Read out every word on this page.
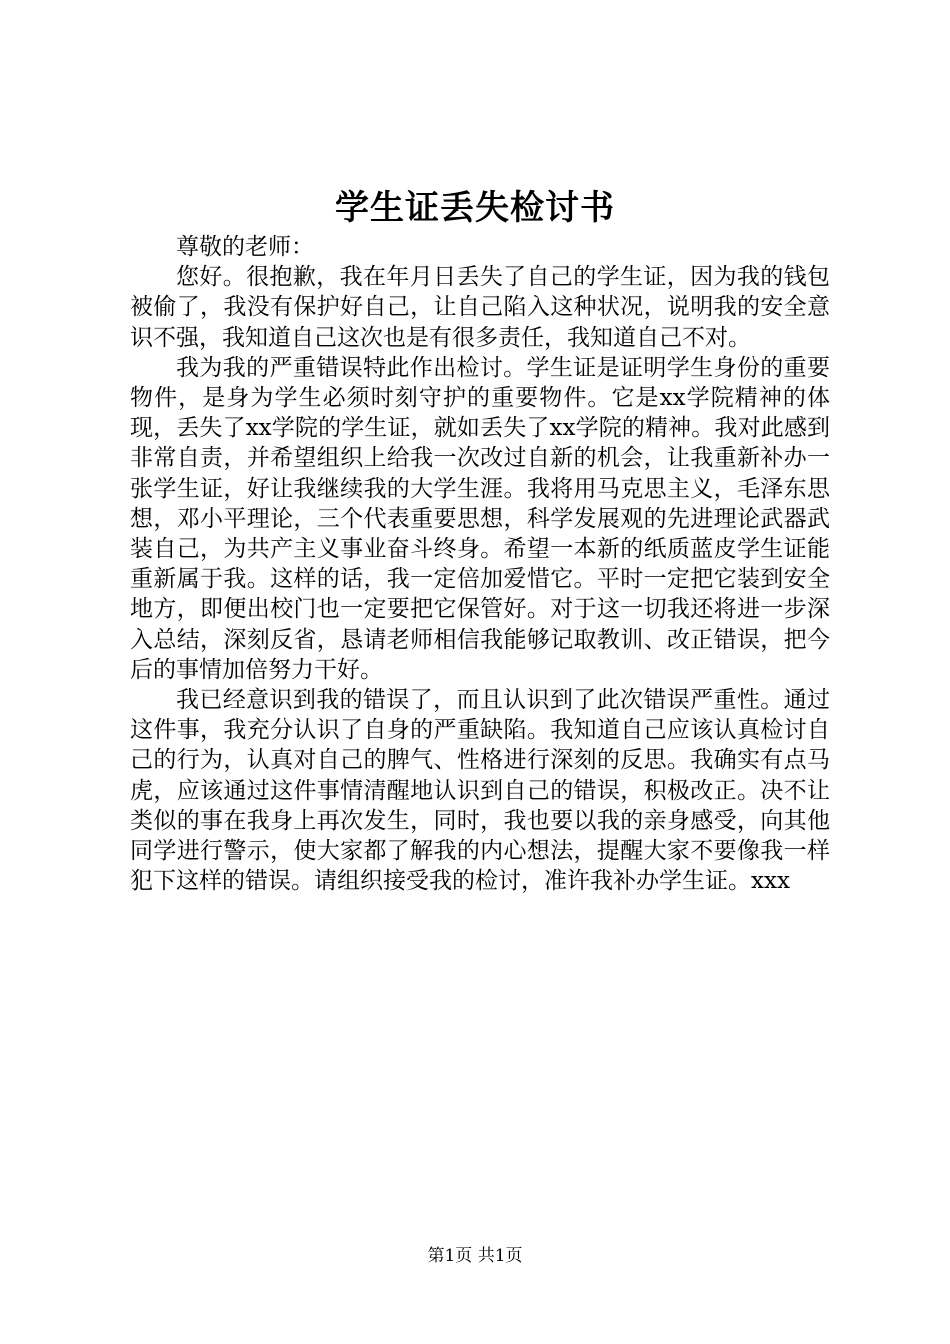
学生证丢失检讨书

尊敬的老师：

您好。很抱歉，我在年月日丢失了自己的学生证，因为我的钱包被偷了，我没有保护好自己，让自己陷入这种状况，说明我的安全意识不强，我知道自己这次也是有很多责任，我知道自己不对。

我为我的严重错误特此作出检讨。学生证是证明学生身份的重要物件，是身为学生必须时刻守护的重要物件。它是xx学院精神的体现，丢失了xx学院的学生证，就如丢失了xx学院的精神。我对此感到非常自责，并希望组织上给我一次改过自新的机会，让我重新补办一张学生证，好让我继续我的大学生涯。我将用马克思主义，毛泽东思想，邓小平理论，三个代表重要思想，科学发展观的先进理论武器武装自己，为共产主义事业奋斗终身。希望一本新的纸质蓝皮学生证能重新属于我。这样的话，我一定倍加爱惜它。平时一定把它装到安全地方，即便出校门也一定要把它保管好。对于这一切我还将进一步深入总结，深刻反省，恳请老师相信我能够记取教训、改正错误，把今后的事情加倍努力干好。

我已经意识到我的错误了，而且认识到了此次错误严重性。通过这件事，我充分认识了自身的严重缺陷。我知道自己应该认真检讨自己的行为，认真对自己的脾气、性格进行深刻的反思。我确实有点马虎，应该通过这件事情清醒地认识到自己的错误，积极改正。决不让类似的事在我身上再次发生，同时，我也要以我的亲身感受，向其他同学进行警示，使大家都了解我的内心想法，提醒大家不要像我一样犯下这样的错误。请组织接受我的检讨，准许我补办学生证。xxx

第1页 共1页
